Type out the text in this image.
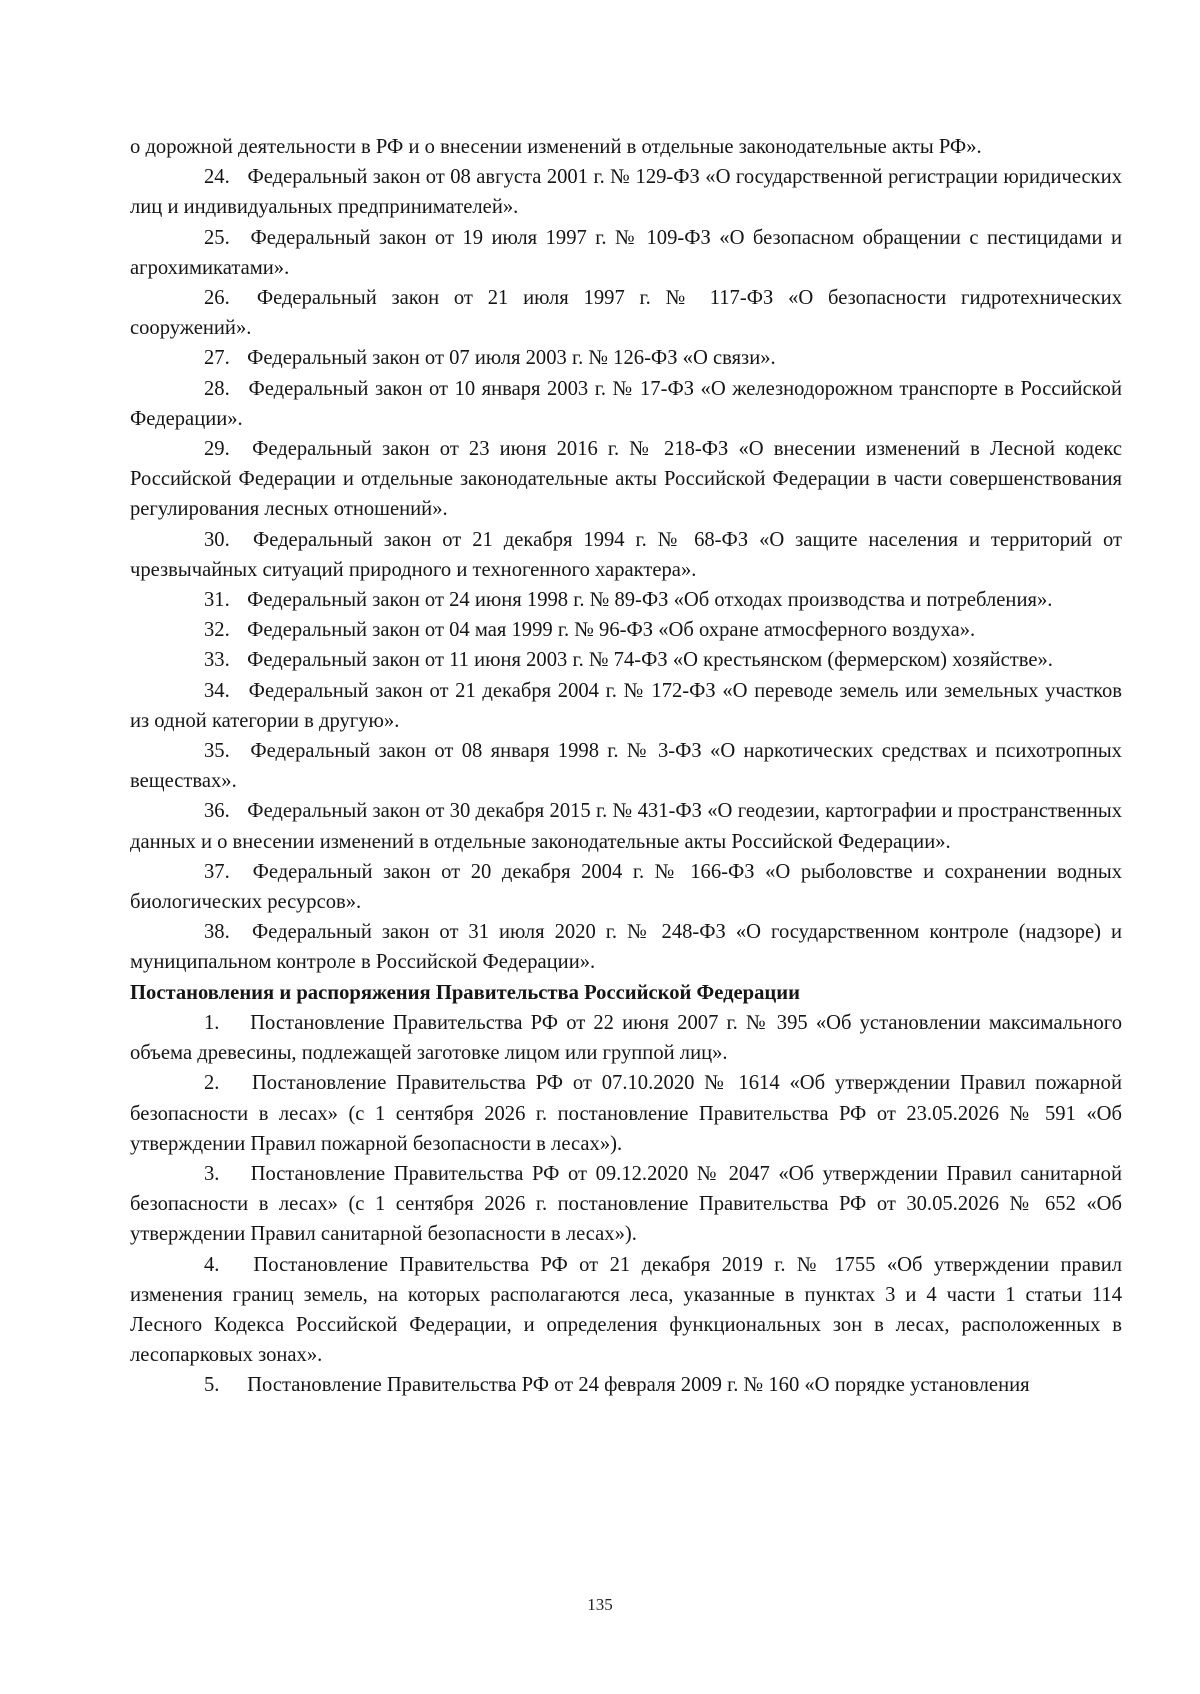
о дорожной деятельности в РФ и о внесении изменений в отдельные законодательные акты РФ».

24. Федеральный закон от 08 августа 2001 г. № 129-ФЗ «О государственной регистрации юридических лиц и индивидуальных предпринимателей».

25. Федеральный закон от 19 июля 1997 г. № 109-ФЗ «О безопасном обращении с пестицидами и агрохимикатами».

26. Федеральный закон от 21 июля 1997 г. № 117-ФЗ «О безопасности гидротехнических сооружений».

27. Федеральный закон от 07 июля 2003 г. № 126-ФЗ «О связи».

28. Федеральный закон от 10 января 2003 г. № 17-ФЗ «О железнодорожном транспорте в Российской Федерации».

29. Федеральный закон от 23 июня 2016 г. № 218-ФЗ «О внесении изменений в Лесной кодекс Российской Федерации и отдельные законодательные акты Российской Федерации в части совершенствования регулирования лесных отношений».

30. Федеральный закон от 21 декабря 1994 г. № 68-ФЗ «О защите населения и территорий от чрезвычайных ситуаций природного и техногенного характера».

31. Федеральный закон от 24 июня 1998 г. № 89-ФЗ «Об отходах производства и потребления».

32. Федеральный закон от 04 мая 1999 г. № 96-ФЗ «Об охране атмосферного воздуха».

33. Федеральный закон от 11 июня 2003 г. № 74-ФЗ «О крестьянском (фермерском) хозяйстве».

34. Федеральный закон от 21 декабря 2004 г. № 172-ФЗ «О переводе земель или земельных участков из одной категории в другую».

35. Федеральный закон от 08 января 1998 г. № 3-ФЗ «О наркотических средствах и психотропных веществах».

36. Федеральный закон от 30 декабря 2015 г. № 431-ФЗ «О геодезии, картографии и пространственных данных и о внесении изменений в отдельные законодательные акты Российской Федерации».

37. Федеральный закон от 20 декабря 2004 г. № 166-ФЗ «О рыболовстве и сохранении водных биологических ресурсов».

38. Федеральный закон от 31 июля 2020 г. № 248-ФЗ «О государственном контроле (надзоре) и муниципальном контроле в Российской Федерации».

Постановления и распоряжения Правительства Российской Федерации

1. Постановление Правительства РФ от 22 июня 2007 г. № 395 «Об установлении максимального объема древесины, подлежащей заготовке лицом или группой лиц».

2. Постановление Правительства РФ от 07.10.2020 № 1614 «Об утверждении Правил пожарной безопасности в лесах» (с 1 сентября 2026 г. постановление Правительства РФ от 23.05.2026 № 591 «Об утверждении Правил пожарной безопасности в лесах»).

3. Постановление Правительства РФ от 09.12.2020 № 2047 «Об утверждении Правил санитарной безопасности в лесах» (с 1 сентября 2026 г. постановление Правительства РФ от 30.05.2026 № 652 «Об утверждении Правил санитарной безопасности в лесах»).

4. Постановление Правительства РФ от 21 декабря 2019 г. № 1755 «Об утверждении правил изменения границ земель, на которых располагаются леса, указанные в пунктах 3 и 4 части 1 статьи 114 Лесного Кодекса Российской Федерации, и определения функциональных зон в лесах, расположенных в лесопарковых зонах».

5. Постановление Правительства РФ от 24 февраля 2009 г. № 160 «О порядке установления

135
